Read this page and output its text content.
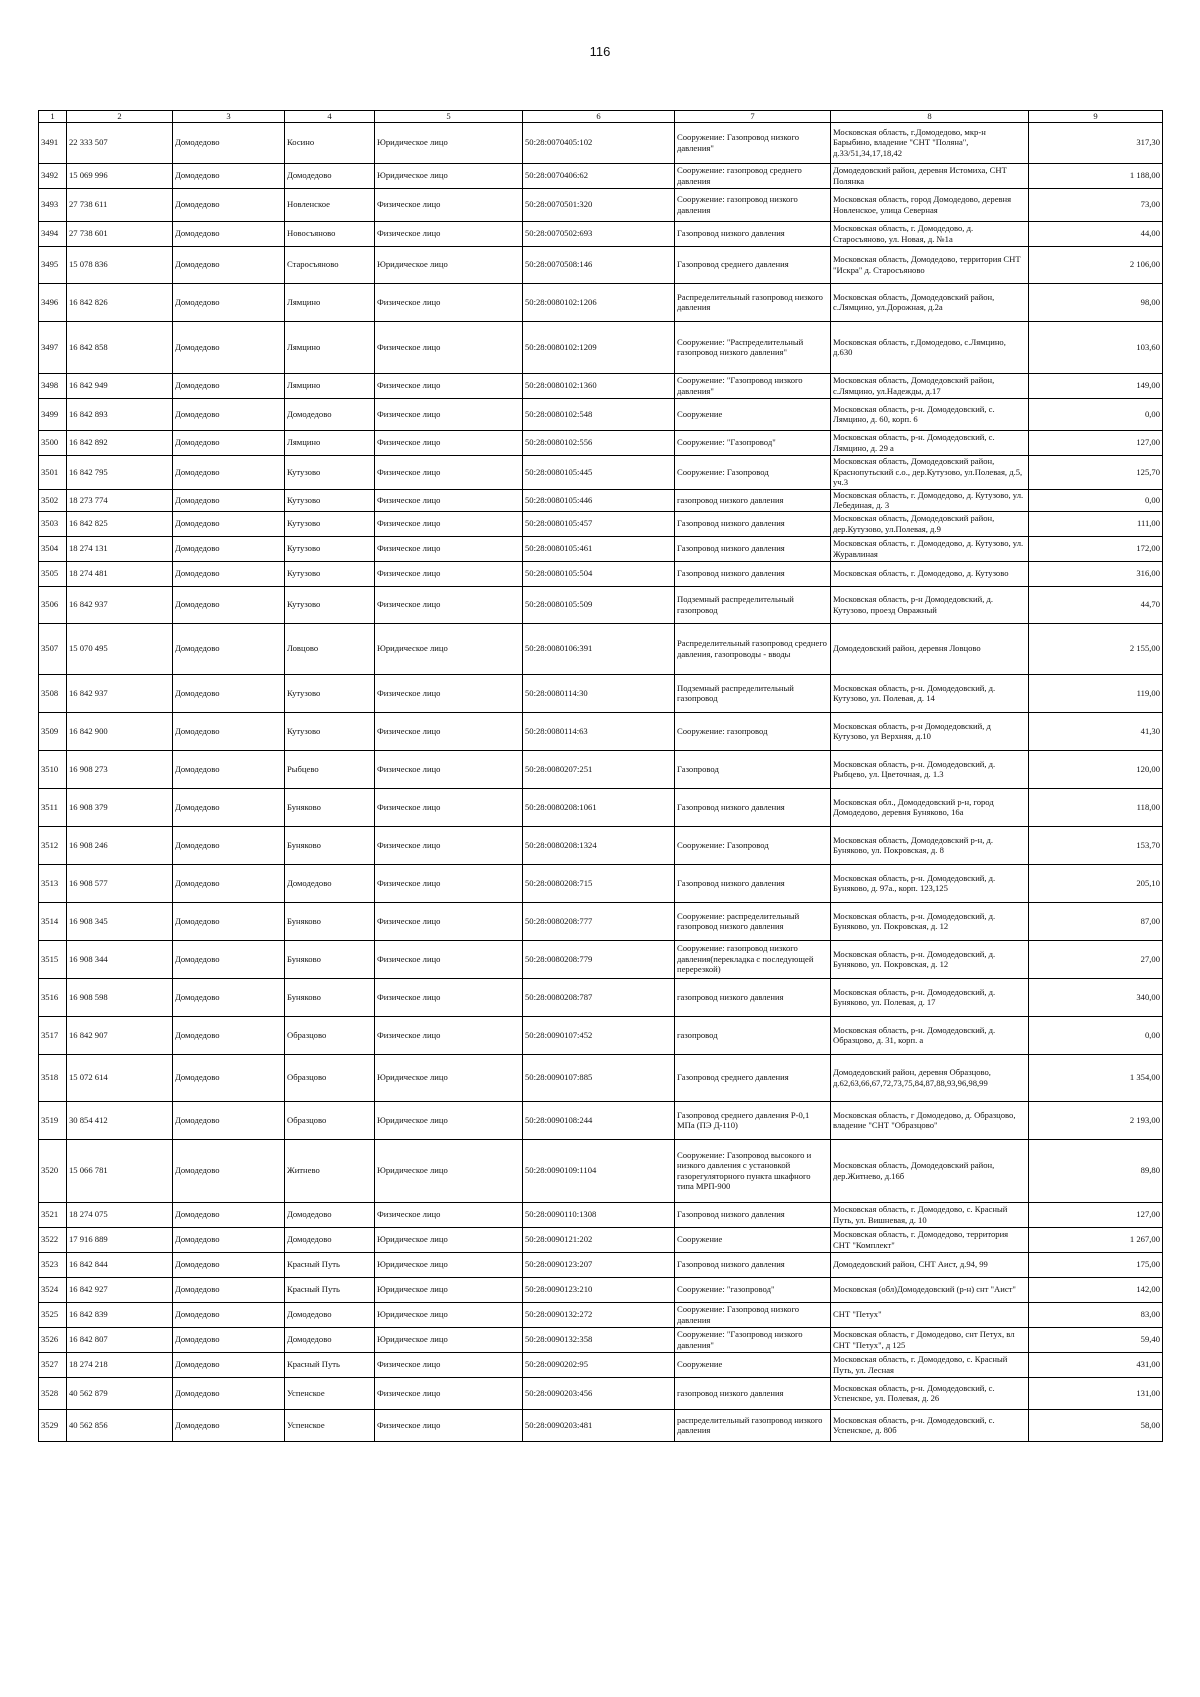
116
1	2	3	4	5	6	7	8	9
3491	22 333 507	Домодедово	Косино	Юридическое лицо	50:28:0070405:102	Сооружение: Газопровод низкого давления"	Московская область, г.Домодедово, мкр-н Барыбино, владение "СНТ "Поляна", д.33/51,34,17,18,42	317,30
3492	15 069 996	Домодедово	Домодедово	Юридическое лицо	50:28:0070406:62	Сооружение: газопровод среднего давления	Домодедовский район, деревня Истомиха, СНТ Полянка	1 188,00
3493	27 738 611	Домодедово	Новленское	Физическое лицо	50:28:0070501:320	Сооружение: газопровод низкого давления	Московская область, город Домодедово, деревня Новленское, улица Северная	73,00
3494	27 738 601	Домодедово	Новосъяново	Физическое лицо	50:28:0070502:693	Газопровод низкого давления	Московская область, г. Домодедово, д. Старосъяново, ул. Новая, д. №1а	44,00
3495	15 078 836	Домодедово	Старосъяново	Юридическое лицо	50:28:0070508:146	Газопровод среднего давления	Московская область, Домодедово, территория СНТ "Искра" д. Старосъяново	2 106,00
3496	16 842 826	Домодедово	Лямцино	Физическое лицо	50:28:0080102:1206	Распределительный газопровод низкого давления	Московская область, Домодедовский район, с.Лямцино, ул.Дорожная, д.2а	98,00
3497	16 842 858	Домодедово	Лямцино	Физическое лицо	50:28:0080102:1209	Сооружение: "Распределительный газопровод низкого давления"	Московская область, г.Домодедово, с.Лямцино, д.630	103,60
3498	16 842 949	Домодедово	Лямцино	Физическое лицо	50:28:0080102:1360	Сооружение: "Газопровод низкого давления"	Московская область, Домодедовский район, с.Лямцино, ул.Надежды, д.17	149,00
3499	16 842 893	Домодедово	Домодедово	Физическое лицо	50:28:0080102:548	Сооружение	Московская область, р-н. Домодедовский, с. Лямцино, д. 60, корп. 6	0,00
3500	16 842 892	Домодедово	Лямцино	Физическое лицо	50:28:0080102:556	Сооружение: "Газопровод"	Московская область, р-н. Домодедовский, с. Лямцино, д. 29 а	127,00
3501	16 842 795	Домодедово	Кутузово	Физическое лицо	50:28:0080105:445	Сооружение: Газопровод	Московская область, Домодедовский район, Краснопутьский с.о., дер.Кутузово, ул.Полевая, д.5, уч.3	125,70
3502	18 273 774	Домодедово	Кутузово	Физическое лицо	50:28:0080105:446	газопровод низкого давления	Московская область, г. Домодедово, д. Кутузово, ул. Лебединая, д. 3	0,00
3503	16 842 825	Домодедово	Кутузово	Физическое лицо	50:28:0080105:457	Газопровод низкого давления	Московская область, Домодедовский район, дер.Кутузово, ул.Полевая, д.9	111,00
3504	18 274 131	Домодедово	Кутузово	Физическое лицо	50:28:0080105:461	Газопровод низкого давления	Московская область, г. Домодедово, д. Кутузово, ул. Журавлиная	172,00
3505	18 274 481	Домодедово	Кутузово	Физическое лицо	50:28:0080105:504	Газопровод низкого давления	Московская область, г. Домодедово, д. Кутузово	316,00
3506	16 842 937	Домодедово	Кутузово	Физическое лицо	50:28:0080105:509	Подземный распределительный газопровод	Московская область, р-н Домодедовский, д. Кутузово, проезд Овражный	44,70
3507	15 070 495	Домодедово	Ловцово	Юридическое лицо	50:28:0080106:391	Распределительный газопровод среднего давления, газопроводы - вводы	Домодедовский район, деревня Ловцово	2 155,00
3508	16 842 937	Домодедово	Кутузово	Физическое лицо	50:28:0080114:30	Подземный распределительный газопровод	Московская область, р-н. Домодедовский, д. Кутузово, ул. Полевая, д. 14	119,00
3509	16 842 900	Домодедово	Кутузово	Физическое лицо	50:28:0080114:63	Сооружение: газопровод	Московская область, р-н Домодедовский, д Кутузово, ул Верхняя, д.10	41,30
3510	16 908 273	Домодедово	Рыбцево	Физическое лицо	50:28:0080207:251	Газопровод	Московская область, р-н. Домодедовский, д. Рыбцево, ул. Цветочная, д. 1.3	120,00
3511	16 908 379	Домодедово	Буняково	Физическое лицо	50:28:0080208:1061	Газопровод низкого давления	Московская обл., Домодедовский р-н, город Домодедово, деревня Буняково, 16а	118,00
3512	16 908 246	Домодедово	Буняково	Физическое лицо	50:28:0080208:1324	Сооружение: Газопровод	Московская область, Домодедовский р-н, д. Буняково, ул. Покровская, д. 8	153,70
3513	16 908 577	Домодедово	Домодедово	Физическое лицо	50:28:0080208:715	Газопровод низкого давления	Московская область, р-н. Домодедовский, д. Буняково, д. 97а., корп. 123,125	205,10
3514	16 908 345	Домодедово	Буняково	Физическое лицо	50:28:0080208:777	Сооружение: распределительный газопровод низкого давления	Московская область, р-н. Домодедовский, д. Буняково, ул. Покровская, д. 12	87,00
3515	16 908 344	Домодедово	Буняково	Физическое лицо	50:28:0080208:779	Сооружение: газопровод низкого давления(перекладка с последующей перерезкой)	Московская область, р-н. Домодедовский, д. Буняково, ул. Покровская, д. 12	27,00
3516	16 908 598	Домодедово	Буняково	Физическое лицо	50:28:0080208:787	газопровод низкого давления	Московская область, р-н. Домодедовский, д. Буняково, ул. Полевая, д. 17	340,00
3517	16 842 907	Домодедово	Образцово	Физическое лицо	50:28:0090107:452	газопровод	Московская область, р-н. Домодедовский, д. Образцово, д. 31, корп. а	0,00
3518	15 072 614	Домодедово	Образцово	Юридическое лицо	50:28:0090107:885	Газопровод среднего давления	Домодедовский район, деревня Образцово, д.62,63,66,67,72,73,75,84,87,88,93,96,98,99	1 354,00
3519	30 854 412	Домодедово	Образцово	Юридическое лицо	50:28:0090108:244	Газопровод среднего давления Р-0,1 МПа (ПЭ Д-110)	Московская область, г Домодедово, д. Образцово, владение "СНТ "Образцово"	2 193,00
3520	15 066 781	Домодедово	Житнево	Юридическое лицо	50:28:0090109:1104	Сооружение: Газопровод высокого и низкого давления с установкой газорегуляторного пункта шкафного типа МРП-900	Московская область, Домодедовский район, дер.Житнево, д.16б	89,80
3521	18 274 075	Домодедово	Домодедово	Физическое лицо	50:28:0090110:1308	Газопровод низкого давления	Московская область, г. Домодедово, с. Красный Путь, ул. Вишневая, д. 10	127,00
3522	17 916 889	Домодедово	Домодедово	Юридическое лицо	50:28:0090121:202	Сооружение	Московская область, г. Домодедово, территория СНТ "Комплект"	1 267,00
3523	16 842 844	Домодедово	Красный Путь	Юридическое лицо	50:28:0090123:207	Газопровод низкого давления	Домодедовский район, СНТ Аист, д.94, 99	175,00
3524	16 842 927	Домодедово	Красный Путь	Юридическое лицо	50:28:0090123:210	Сооружение: "газопровод"	Московская (обл)Домодедовский (р-н) снт "Аист"	142,00
3525	16 842 839	Домодедово	Домодедово	Юридическое лицо	50:28:0090132:272	Сооружение: Газопровод низкого давления	СНТ "Петух"	83,00
3526	16 842 807	Домодедово	Домодедово	Юридическое лицо	50:28:0090132:358	Сооружение: "Газопровод низкого давления"	Московская область, г Домодедово, снт Петух, вл СНТ "Петух", д 125	59,40
3527	18 274 218	Домодедово	Красный Путь	Физическое лицо	50:28:0090202:95	Сооружение	Московская область, г. Домодедово, с. Красный Путь, ул. Лесная	431,00
3528	40 562 879	Домодедово	Успенское	Физическое лицо	50:28:0090203:456	газопровод низкого давления	Московская область, р-н. Домодедовский, с. Успенское, ул. Полевая, д. 26	131,00
3529	40 562 856	Домодедово	Успенское	Физическое лицо	50:28:0090203:481	распределительный газопровод низкого давления	Московская область, р-н. Домодедовский, с. Успенское, д. 80б	58,00
